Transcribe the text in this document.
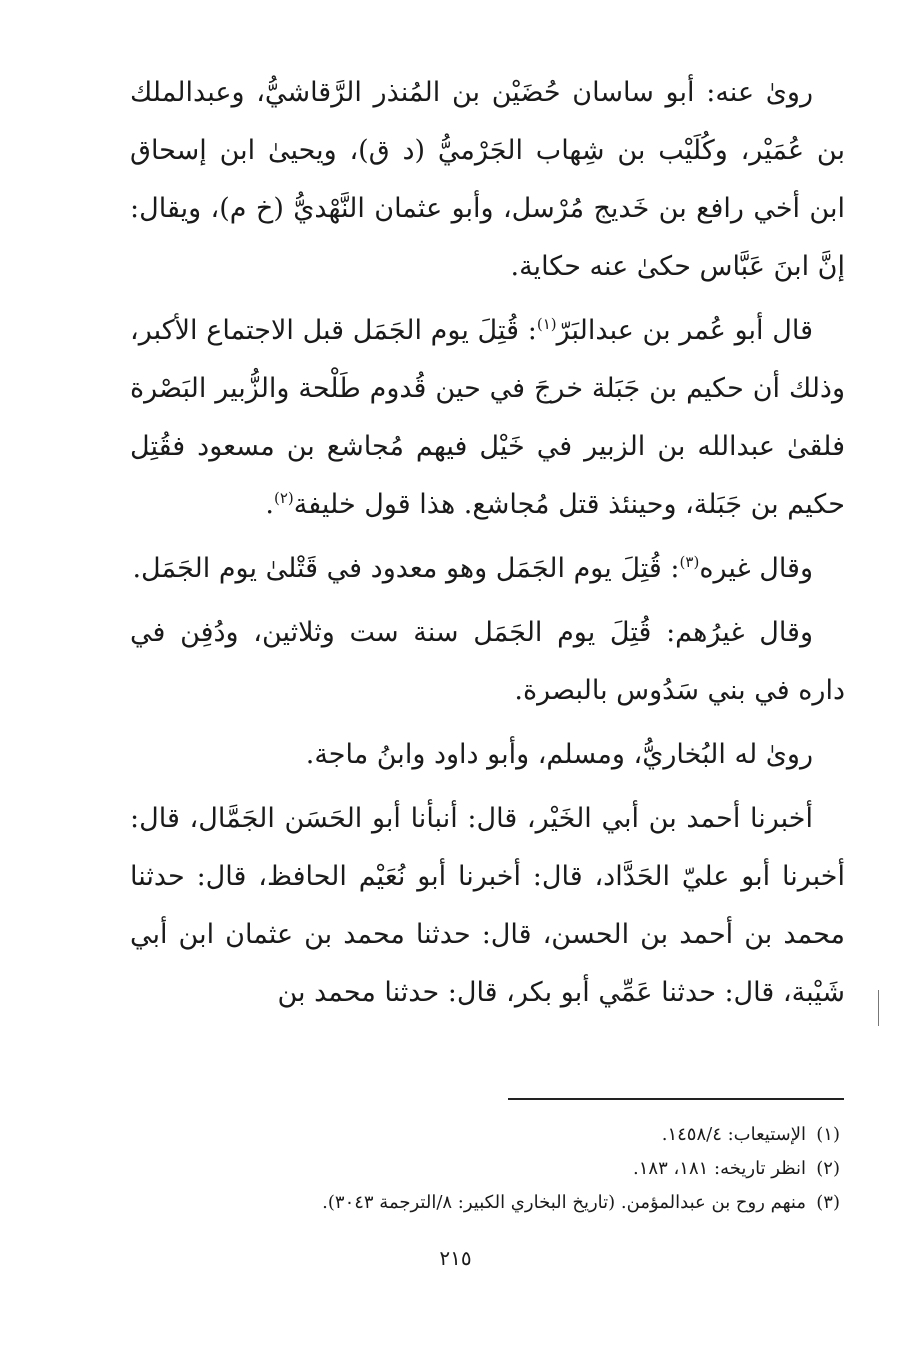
روىٰ عنه: أبو ساسان حُضَيْن بن المُنذر الرَّقاشيُّ، وعبدالملك بن عُمَيْر، وكُلَيْب بن شِهاب الجَرْميُّ (د ق)، ويحيىٰ ابن إسحاق ابن أخي رافع بن خَديج مُرْسل، وأبو عثمان النَّهْديُّ (خ م)، ويقال: إنَّ ابنَ عَبَّاس حكىٰ عنه حكاية.

قال أبو عُمر بن عبدالبَرّ$^{(١)}$: قُتِلَ يوم الجَمَل قبل الاجتماع الأكبر، وذلك أن حكيم بن جَبَلة خرجَ في حين قُدوم طَلْحة والزُّبير البَصْرة فلقىٰ عبدالله بن الزبير في خَيْل فيهم مُجاشع بن مسعود فقُتِل حكيم بن جَبَلة، وحينئذ قتل مُجاشع. هذا قول خليفة$^{(٢)}$.

وقال غيره$^{(٣)}$: قُتِلَ يوم الجَمَل وهو معدود في قَتْلىٰ يوم الجَمَل.

وقال غيرُهم: قُتِلَ يوم الجَمَل سنة ست وثلاثين، ودُفِن في داره في بني سَدُوس بالبصرة.

روىٰ له البُخاريُّ، ومسلم، وأبو داود وابنُ ماجة.

أخبرنا أحمد بن أبي الخَيْر، قال: أنبأنا أبو الحَسَن الجَمَّال، قال: أخبرنا أبو عليّ الحَدَّاد، قال: أخبرنا أبو نُعَيْم الحافظ، قال: حدثنا محمد بن أحمد بن الحسن، قال: حدثنا محمد بن عثمان ابن أبي شَيْبة، قال: حدثنا عَمِّي أبو بكر، قال: حدثنا محمد بن

(١)الإستيعاب: ١٤٥٨/٤.
(٢)انظر تاريخه: ١٨١، ١٨٣.
(٣)منهم روح بن عبدالمؤمن. (تاريخ البخاري الكبير: ٨/الترجمة ٣٠٤٣).
٢١٥
